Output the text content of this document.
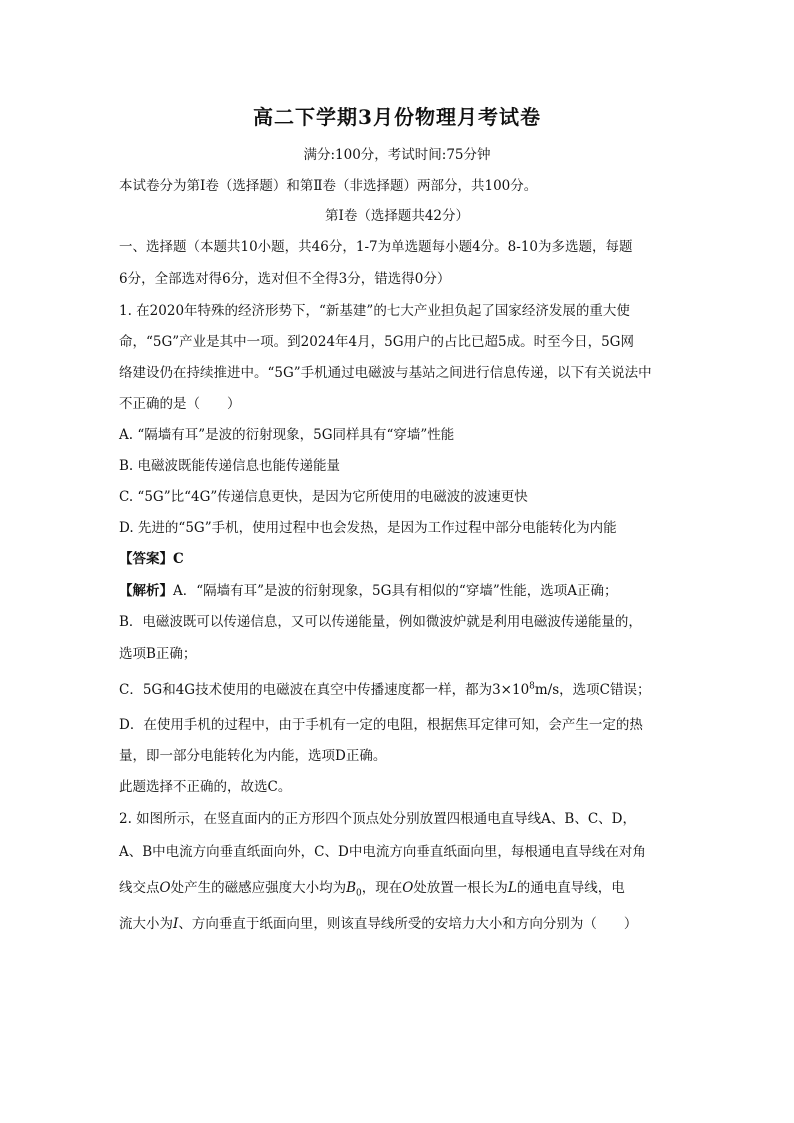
高二下学期3月份物理月考试卷
满分:100分，考试时间:75分钟
本试卷分为第Ⅰ卷（选择题）和第Ⅱ卷（非选择题）两部分，共100分。
第Ⅰ卷（选择题共42分）
一、选择题（本题共10小题，共46分，1-7为单选题每小题4分。8-10为多选题，每题
6分，全部选对得6分，选对但不全得3分，错选得0分）
1. 在2020年特殊的经济形势下，“新基建”的七大产业担负起了国家经济发展的重大使
命，“5G”产业是其中一项。到2024年4月，5G用户的占比已超5成。时至今日，5G网
络建设仍在持续推进中。“5G”手机通过电磁波与基站之间进行信息传递，以下有关说法中
不正确的是（　　）
A. “隔墙有耳”是波的衍射现象，5G同样具有“穿墙”性能
B. 电磁波既能传递信息也能传递能量
C. “5G”比“4G”传递信息更快，是因为它所使用的电磁波的波速更快
D. 先进的“5G”手机，使用过程中也会发热，是因为工作过程中部分电能转化为内能
【答案】C
【解析】A．“隔墙有耳”是波的衍射现象，5G具有相似的“穿墙”性能，选项A正确；
B．电磁波既可以传递信息，又可以传递能量，例如微波炉就是利用电磁波传递能量的，
选项B正确；
C．5G和4G技术使用的电磁波在真空中传播速度都一样，都为$3\times 10^8m/s$，选项C错误；
D．在使用手机的过程中，由于手机有一定的电阻，根据焦耳定律可知，会产生一定的热
量，即一部分电能转化为内能，选项D正确。
此题选择不正确的，故选C。
2. 如图所示，在竖直面内的正方形四个顶点处分别放置四根通电直导线A、B、C、D，
A、B中电流方向垂直纸面向外，C、D中电流方向垂直纸面向里，每根通电直导线在对角
线交点O处产生的磁感应强度大小均为$B_0$，现在O处放置一根长为L的通电直导线，电
流大小为I、方向垂直于纸面向里，则该直导线所受的安培力大小和方向分别为（　　）
